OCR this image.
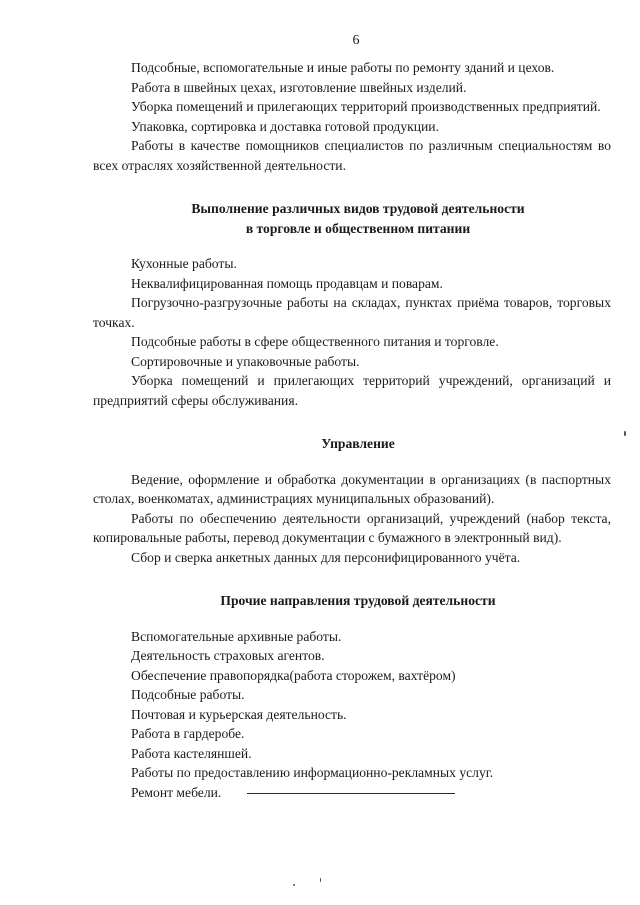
6

Подсобные, вспомогательные и иные работы по ремонту зданий и цехов.

Работа в швейных цехах, изготовление швейных изделий.

Уборка помещений и прилегающих территорий производственных предприятий.

Упаковка, сортировка и доставка готовой продукции.

Работы в качестве помощников специалистов по различным специальностям во всех отраслях хозяйственной деятельности.

Выполнение различных видов трудовой деятельности

в торговле и общественном питании

Кухонные работы.

Неквалифицированная помощь продавцам и поварам.

Погрузочно-разгрузочные работы на складах, пунктах приёма товаров, торговых точках.

Подсобные работы в сфере общественного питания и торговле.

Сортировочные и упаковочные работы.

Уборка помещений и прилегающих территорий учреждений, организаций и предприятий сферы обслуживания.

Управление

Ведение, оформление и обработка документации в организациях (в паспортных столах, военкоматах, администрациях муниципальных образований).

Работы по обеспечению деятельности организаций, учреждений (набор текста, копировальные работы, перевод документации с бумажного в электронный вид).

Сбор и сверка анкетных данных для персонифицированного учёта.

Прочие направления трудовой деятельности

Вспомогательные архивные работы.

Деятельность страховых агентов.

Обеспечение правопорядка(работа сторожем, вахтёром)

Подсобные работы.

Почтовая и курьерская деятельность.

Работа в гардеробе.

Работа кастеляншей.

Работы по предоставлению информационно-рекламных услуг.

Ремонт мебели.
